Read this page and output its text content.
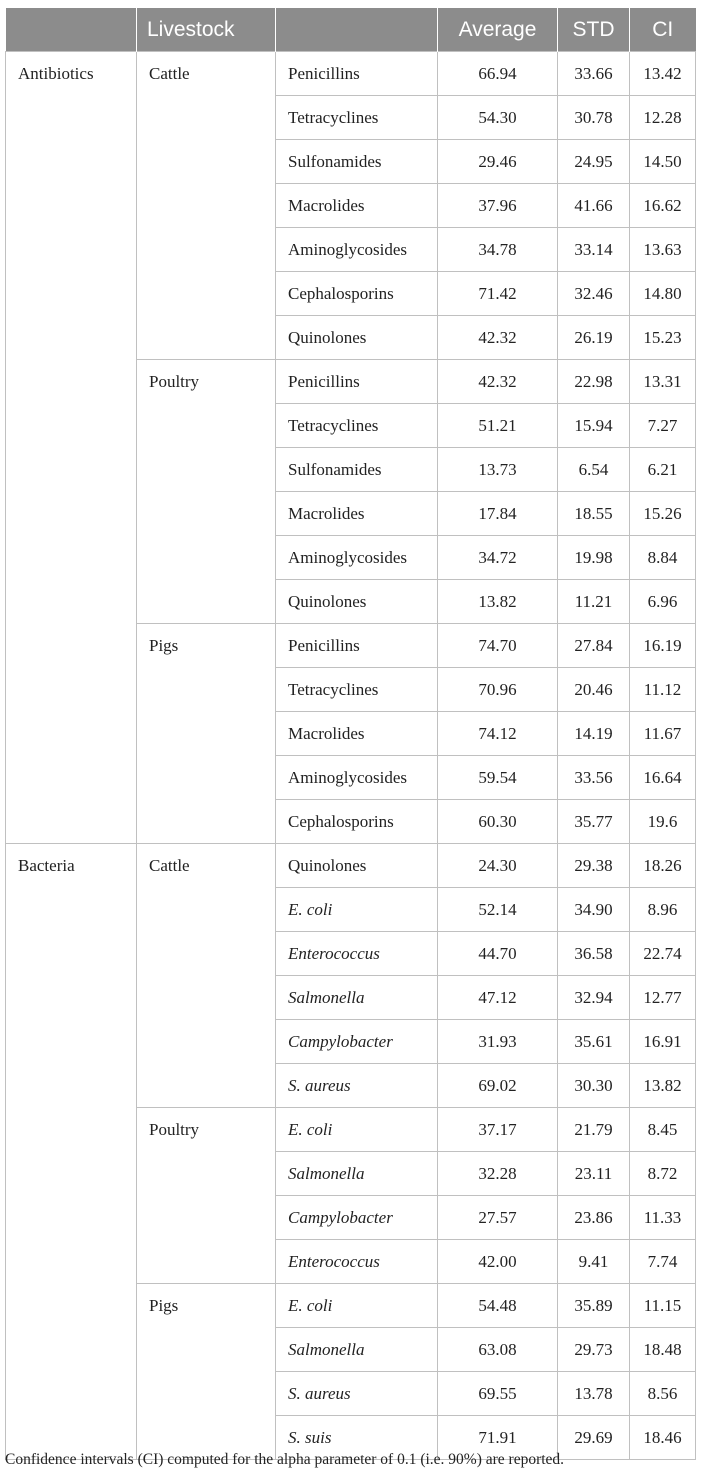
	Livestock		Average	STD	CI
Antibiotics	Cattle	Penicillins	66.94	33.66	13.42
		Tetracyclines	54.30	30.78	12.28
		Sulfonamides	29.46	24.95	14.50
		Macrolides	37.96	41.66	16.62
		Aminoglycosides	34.78	33.14	13.63
		Cephalosporins	71.42	32.46	14.80
		Quinolones	42.32	26.19	15.23
	Poultry	Penicillins	42.32	22.98	13.31
		Tetracyclines	51.21	15.94	7.27
		Sulfonamides	13.73	6.54	6.21
		Macrolides	17.84	18.55	15.26
		Aminoglycosides	34.72	19.98	8.84
		Quinolones	13.82	11.21	6.96
	Pigs	Penicillins	74.70	27.84	16.19
		Tetracyclines	70.96	20.46	11.12
		Macrolides	74.12	14.19	11.67
		Aminoglycosides	59.54	33.56	16.64
		Cephalosporins	60.30	35.77	19.6
Bacteria	Cattle	Quinolones	24.30	29.38	18.26
		E. coli	52.14	34.90	8.96
		Enterococcus	44.70	36.58	22.74
		Salmonella	47.12	32.94	12.77
		Campylobacter	31.93	35.61	16.91
		S. aureus	69.02	30.30	13.82
	Poultry	E. coli	37.17	21.79	8.45
		Salmonella	32.28	23.11	8.72
		Campylobacter	27.57	23.86	11.33
		Enterococcus	42.00	9.41	7.74
	Pigs	E. coli	54.48	35.89	11.15
		Salmonella	63.08	29.73	18.48
		S. aureus	69.55	13.78	8.56
		S. suis	71.91	29.69	18.46
Confidence intervals (CI) computed for the alpha parameter of 0.1 (i.e. 90%) are reported.
